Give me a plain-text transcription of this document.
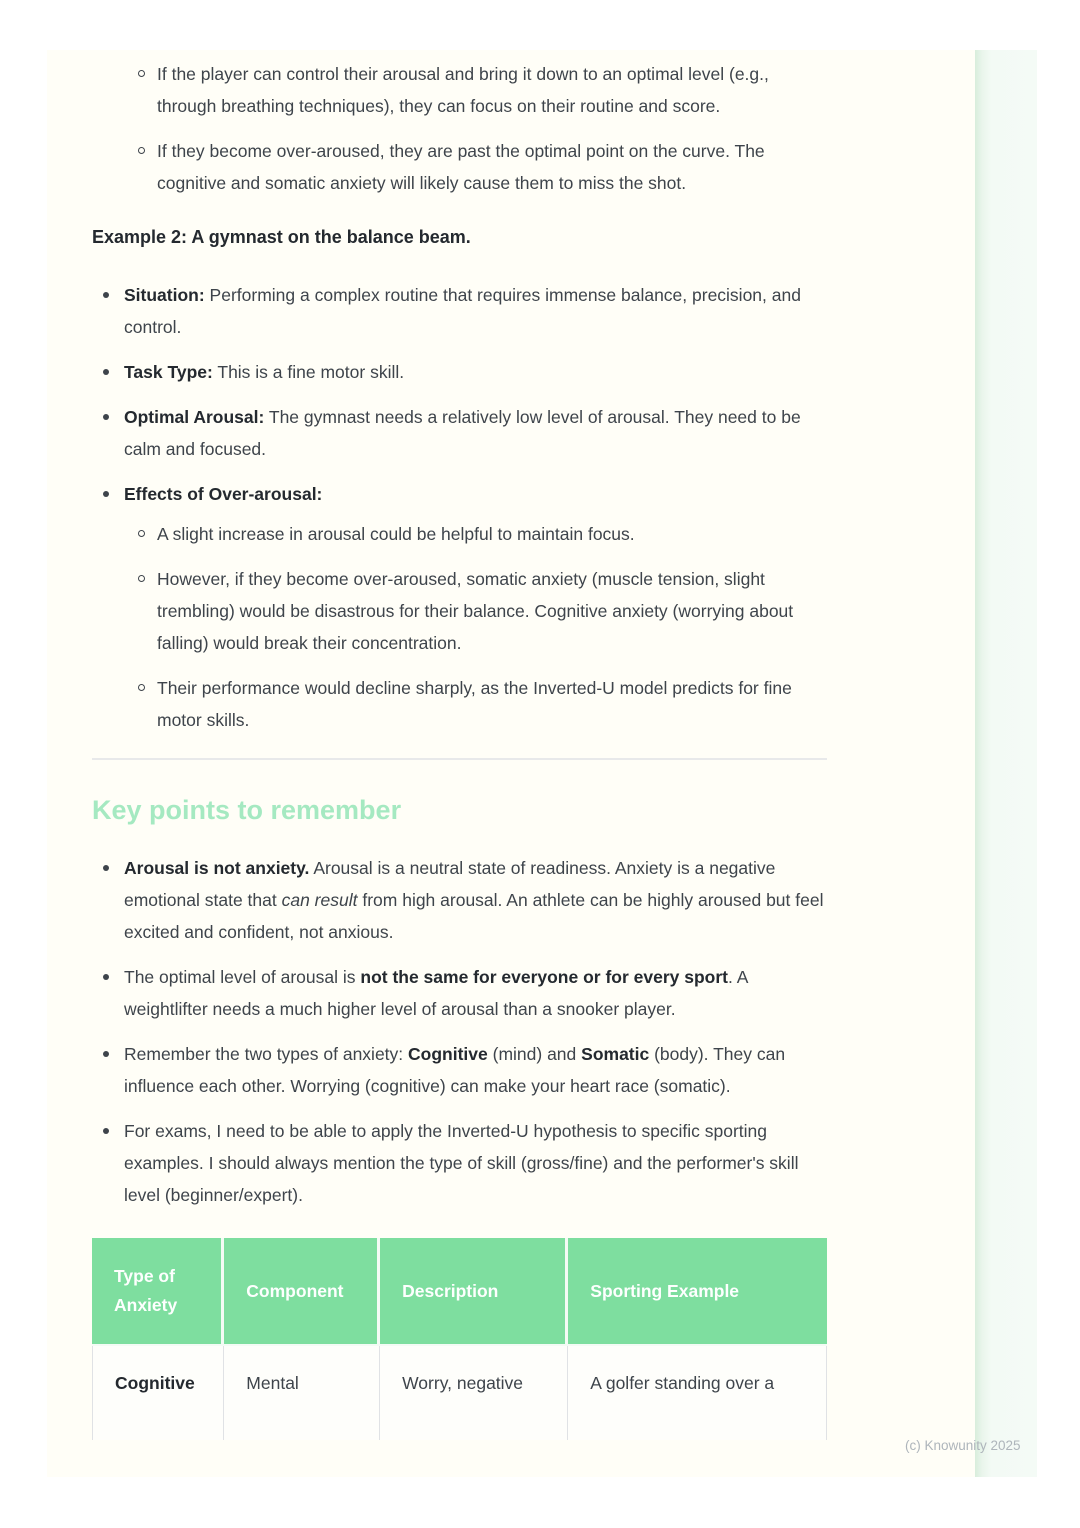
If the player can control their arousal and bring it down to an optimal level (e.g., through breathing techniques), they can focus on their routine and score.
If they become over-aroused, they are past the optimal point on the curve. The cognitive and somatic anxiety will likely cause them to miss the shot.
Example 2: A gymnast on the balance beam.
Situation: Performing a complex routine that requires immense balance, precision, and control.
Task Type: This is a fine motor skill.
Optimal Arousal: The gymnast needs a relatively low level of arousal. They need to be calm and focused.
Effects of Over-arousal:
A slight increase in arousal could be helpful to maintain focus.
However, if they become over-aroused, somatic anxiety (muscle tension, slight trembling) would be disastrous for their balance. Cognitive anxiety (worrying about falling) would break their concentration.
Their performance would decline sharply, as the Inverted-U model predicts for fine motor skills.
Key points to remember
Arousal is not anxiety. Arousal is a neutral state of readiness. Anxiety is a negative emotional state that can result from high arousal. An athlete can be highly aroused but feel excited and confident, not anxious.
The optimal level of arousal is not the same for everyone or for every sport. A weightlifter needs a much higher level of arousal than a snooker player.
Remember the two types of anxiety: Cognitive (mind) and Somatic (body). They can influence each other. Worrying (cognitive) can make your heart race (somatic).
For exams, I need to be able to apply the Inverted-U hypothesis to specific sporting examples. I should always mention the type of skill (gross/fine) and the performer's skill level (beginner/expert).
Type of Anxiety	Component	Description	Sporting Example
Cognitive	Mental	Worry, negative	A golfer standing over a
(c) Knowunity 2025
